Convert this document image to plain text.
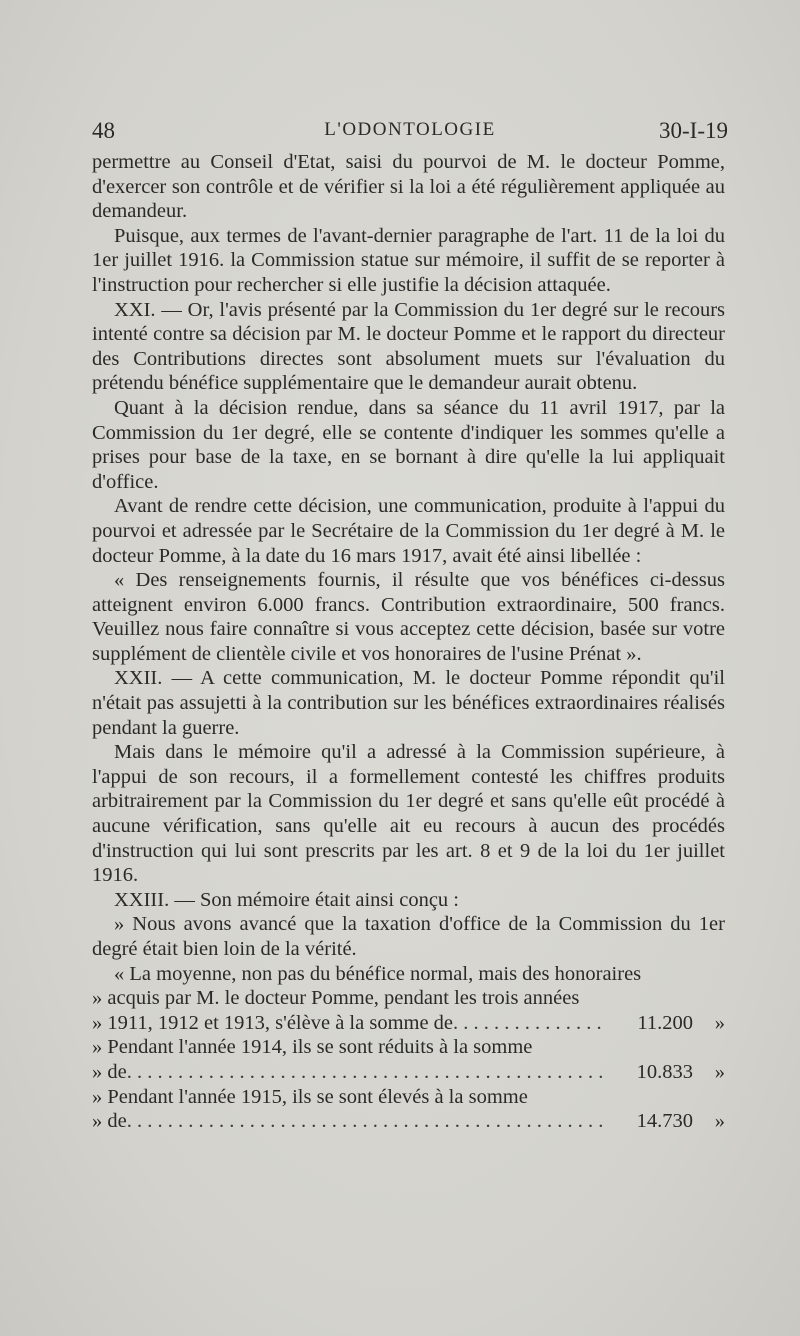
48	L'ODONTOLOGIE	30-I-19

permettre au Conseil d'Etat, saisi du pourvoi de M. le docteur Pomme, d'exercer son contrôle et de vérifier si la loi a été régulièrement appliquée au demandeur.

Puisque, aux termes de l'avant-dernier paragraphe de l'art. 11 de la loi du 1er juillet 1916. la Commission statue sur mémoire, il suffit de se reporter à l'instruction pour rechercher si elle justifie la décision attaquée.

XXI. — Or, l'avis présenté par la Commission du 1er degré sur le recours intenté contre sa décision par M. le docteur Pomme et le rapport du directeur des Contributions directes sont absolument muets sur l'évaluation du prétendu bénéfice supplémentaire que le demandeur aurait obtenu.

Quant à la décision rendue, dans sa séance du 11 avril 1917, par la Commission du 1er degré, elle se contente d'indiquer les sommes qu'elle a prises pour base de la taxe, en se bornant à dire qu'elle la lui appliquait d'office.

Avant de rendre cette décision, une communication, produite à l'appui du pourvoi et adressée par le Secrétaire de la Commission du 1er degré à M. le docteur Pomme, à la date du 16 mars 1917, avait été ainsi libellée :

« Des renseignements fournis, il résulte que vos bénéfices ci-dessus atteignent environ 6.000 francs. Contribution extraordinaire, 500 francs. Veuillez nous faire connaître si vous acceptez cette décision, basée sur votre supplément de clientèle civile et vos honoraires de l'usine Prénat ».

XXII. — A cette communication, M. le docteur Pomme répondit qu'il n'était pas assujetti à la contribution sur les bénéfices extraordinaires réalisés pendant la guerre.

Mais dans le mémoire qu'il a adressé à la Commission supérieure, à l'appui de son recours, il a formellement contesté les chiffres produits arbitrairement par la Commission du 1er degré et sans qu'elle eût procédé à aucune vérification, sans qu'elle ait eu recours à aucun des procédés d'instruction qui lui sont prescrits par les art. 8 et 9 de la loi du 1er juillet 1916.

XXIII. — Son mémoire était ainsi conçu :

» Nous avons avancé que la taxation d'office de la Commission du 1er degré était bien loin de la vérité.

« La moyenne, non pas du bénéfice normal, mais des honoraires

» acquis par M. le docteur Pomme, pendant les trois années
» 1911, 1912 et 1913, s'élève à la somme de . . .	11.200	»
» Pendant l'année 1914, ils se sont réduits à la somme
» de . . .	10.833	»
» Pendant l'année 1915, ils se sont élevés à la somme
» de . . .	14.730	»
